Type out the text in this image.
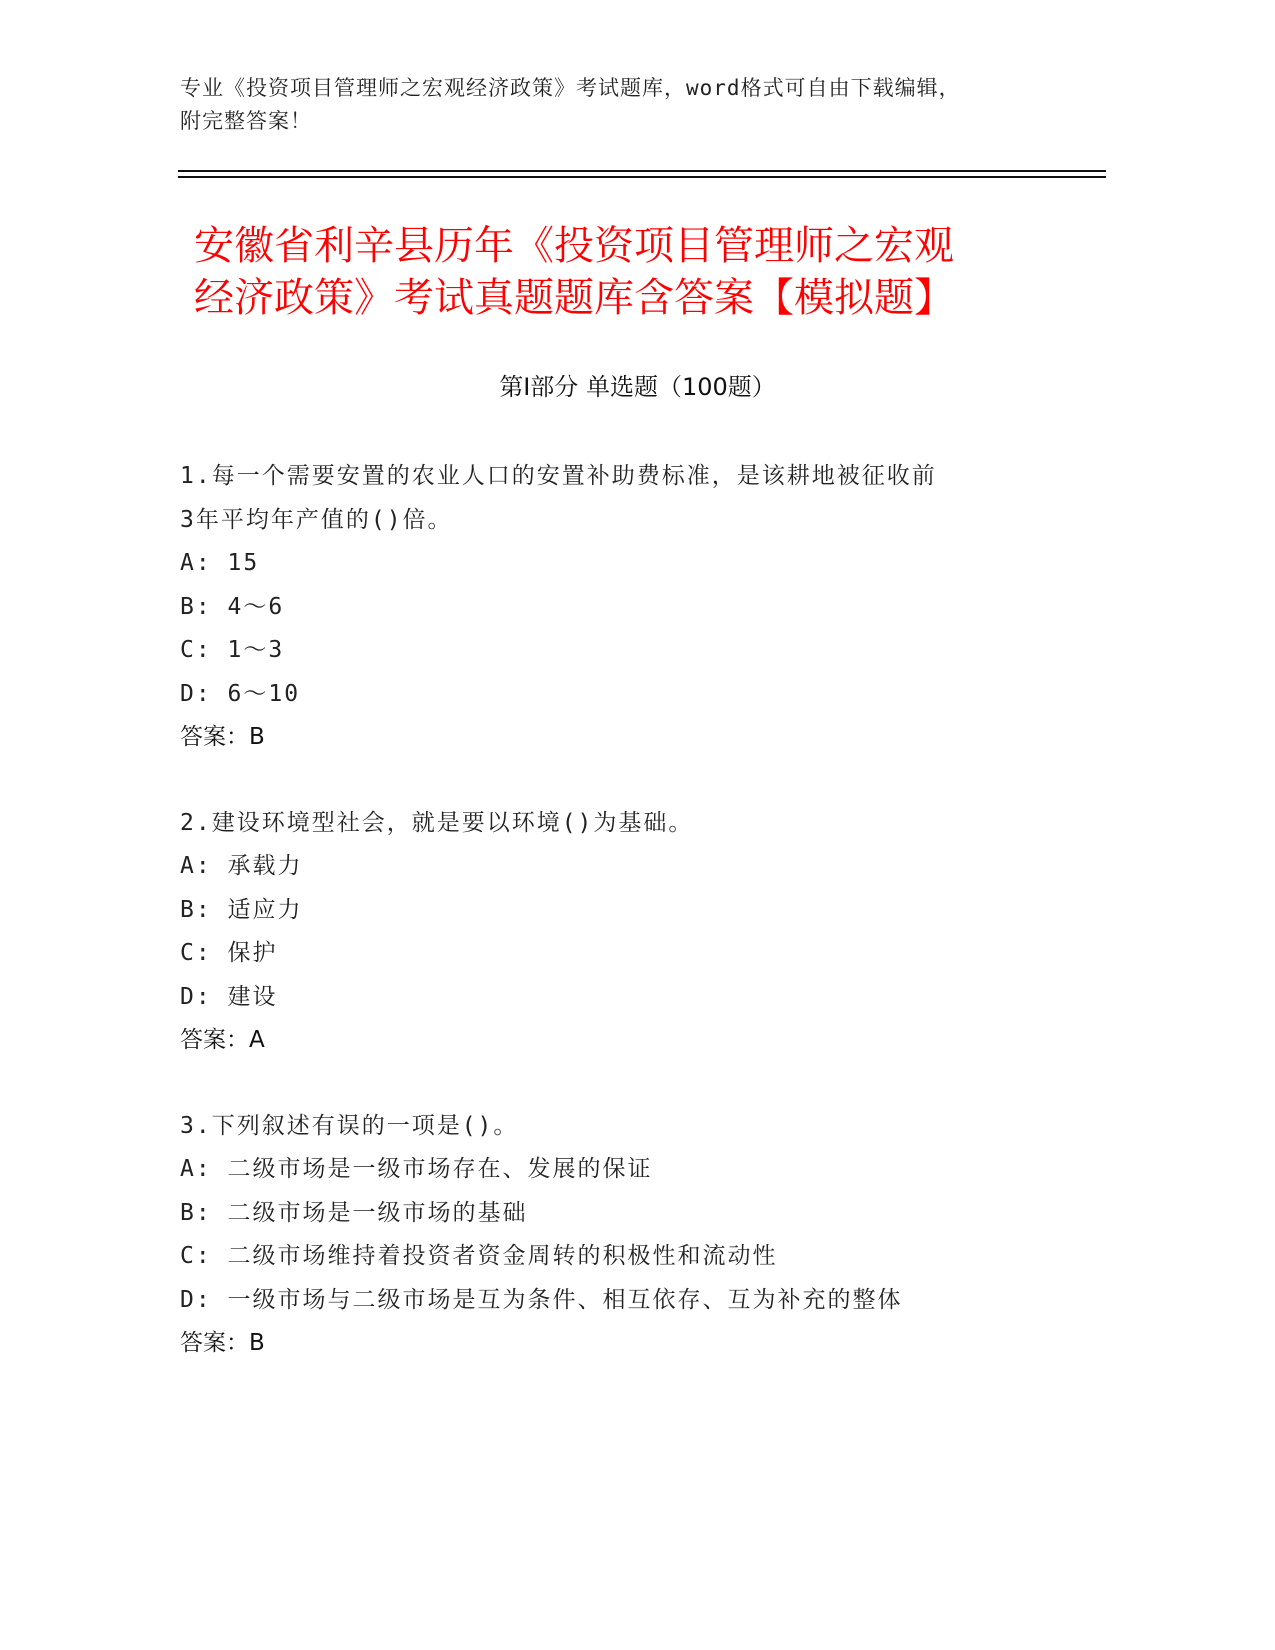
专业《投资项目管理师之宏观经济政策》考试题库，word格式可自由下载编辑，
附完整答案！
安徽省利辛县历年《投资项目管理师之宏观
经济政策》考试真题题库含答案【模拟题】
第Ⅰ部分 单选题（100题）

1.每一个需要安置的农业人口的安置补助费标准，是该耕地被征收前

3年平均年产值的()倍。

A: 15

B: 4～6

C: 1～3

D: 6～10

答案：B

2.建设环境型社会，就是要以环境()为基础。

A: 承载力

B: 适应力

C: 保护

D: 建设

答案：A

3.下列叙述有误的一项是()。

A: 二级市场是一级市场存在、发展的保证

B: 二级市场是一级市场的基础

C: 二级市场维持着投资者资金周转的积极性和流动性

D: 一级市场与二级市场是互为条件、相互依存、互为补充的整体

答案：B
